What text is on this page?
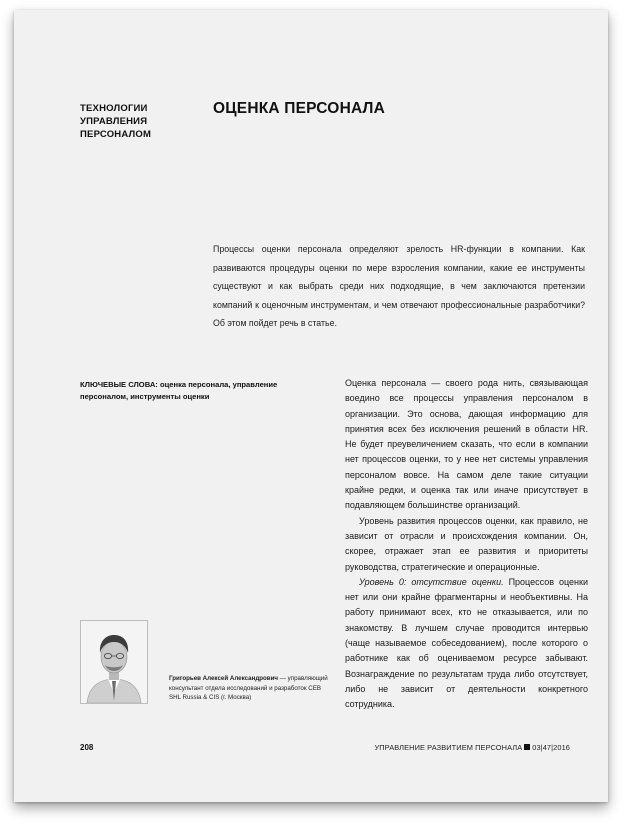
ТЕХНОЛОГИИ
УПРАВЛЕНИЯ
ПЕРСОНАЛОМ
ОЦЕНКА ПЕРСОНАЛА

Процессы оценки персонала определяют зрелость HR-функции в компании. Как развиваются процедуры оценки по мере взросления компании, какие ее инструменты существуют и как выбрать среди них подходящие, в чем заключаются претензии компаний к оценочным инструментам, и чем отвечают профессиональные разработчики? Об этом пойдет речь в статье.

КЛЮЧЕВЫЕ СЛОВА: оценка персонала, управление персоналом, инструменты оценки

Оценка персонала — своего рода нить, связывающая воедино все процессы управления персоналом в организации. Это основа, дающая информацию для принятия всех без исключения решений в области HR. Не будет преувеличением сказать, что если в компании нет процессов оценки, то у нее нет системы управления персоналом вовсе. На самом деле такие ситуации крайне редки, и оценка так или иначе присутствует в подавляющем большинстве организаций.

Уровень развития процессов оценки, как правило, не зависит от отрасли и происхождения компании. Он, скорее, отражает этап ее развития и приоритеты руководства, стратегические и операционные.

Уровень 0: отсутствие оценки. Процессов оценки нет или они крайне фрагментарны и необъективны. На работу принимают всех, кто не отказывается, или по знакомству. В лучшем случае проводится интервью (чаще называемое собеседованием), после которого о работнике как об оцениваемом ресурсе забывают. Вознаграждение по результатам труда либо отсутствует, либо не зависит от деятельности конкретного сотрудника.

Григорьев Алексей Александрович — управляющий консультант отдела исследований и разработок CEB SHL Russia & CIS (г. Москва)
208	УПРАВЛЕНИЕ РАЗВИТИЕМ ПЕРСОНАЛА 03|47|2016
